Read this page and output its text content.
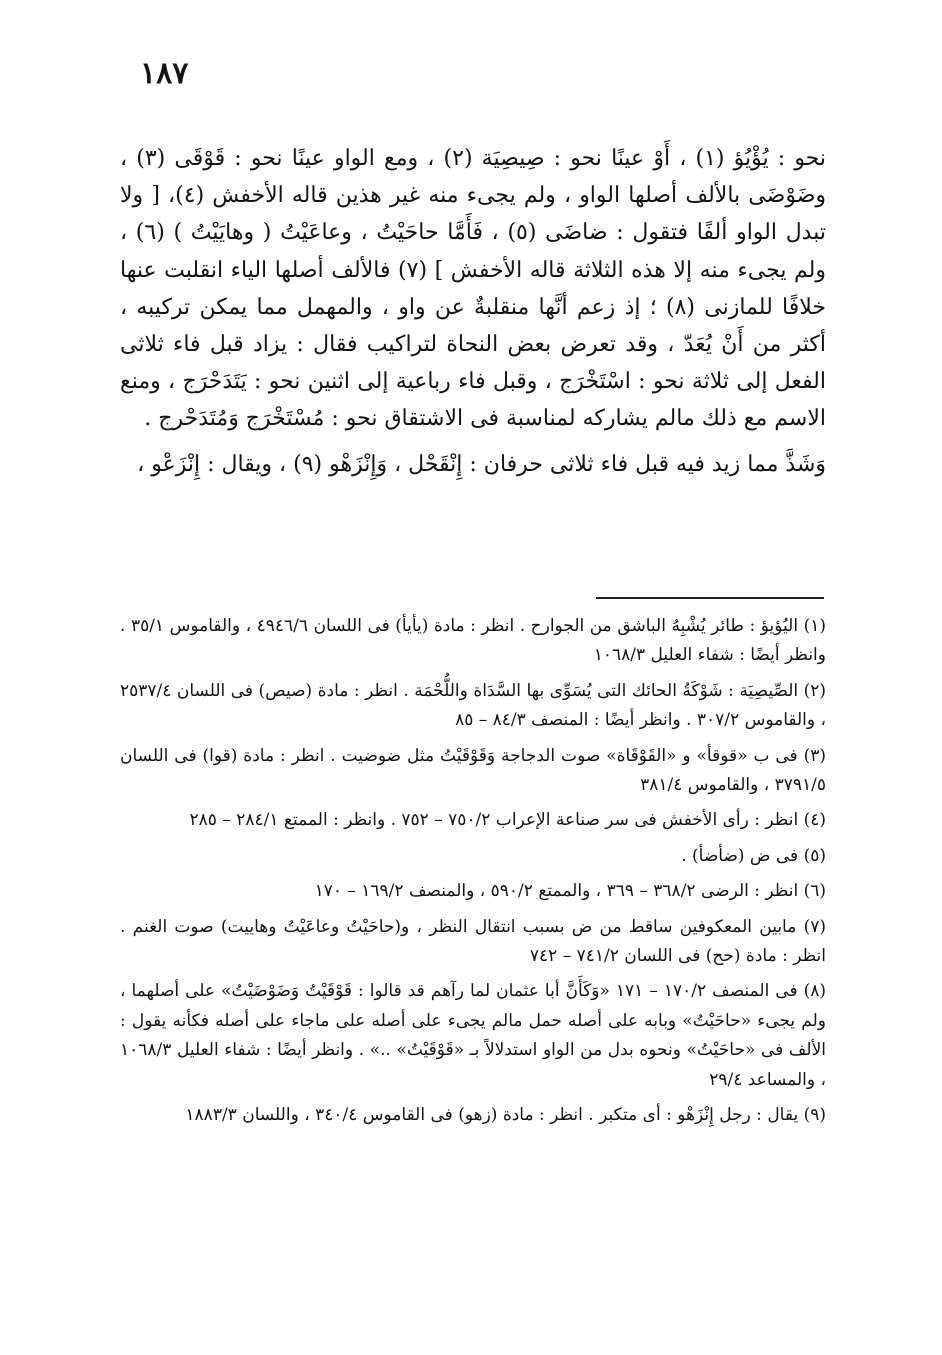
١٨٧

نحو : يُؤْيُؤ (١) ، أَوْ عينًا نحو : صِيصِيَة (٢) ، ومع الواو عينًا نحو : قَوْقَى (٣) ، وضَوْضَى بالألف أصلها الواو ، ولم يجىء منه غير هذين قاله الأخفش (٤)، [ ولا تبدل الواو ألفًا فتقول : ضاضَى (٥) ، فَأَمَّا حاحَيْتُ ، وعاعَيْتُ ( وهايَيْتُ ) (٦) ، ولم يجىء منه إلا هذه الثلاثة قاله الأخفش ] (٧) فالألف أصلها الياء انقلبت عنها خلافًا للمازنى (٨) ؛ إذ زعم أنَّها منقلبةٌ عن واو ، والمهمل مما يمكن تركيبه ، أكثر من أَنْ يُعَدّ ، وقد تعرض بعض النحاة لتراكيب فقال : يزاد قبل فاء ثلاثى الفعل إلى ثلاثة نحو : اسْتَخْرَج ، وقبل فاء رباعية إلى اثنين نحو : يَتَدَحْرَج ، ومنع الاسم مع ذلك مالم يشاركه لمناسبة فى الاشتقاق نحو : مُسْتَخْرَج وَمُتَدَحْرج .

وَشَذَّ مما زيد فيه قبل فاء ثلاثى حرفان : إِنْقَحْل ، وَإِنْزَهْو (٩) ، ويقال : إِنْزَعْو ،

(١) اليُؤيؤ : طائر يُشْبِهُ الباشق من الجوارح . انظر : مادة (يأيأ) فى اللسان ٤٩٤٦/٦ ، والقاموس ٣٥/١ . وانظر أيضًا : شفاء العليل ١٠٦٨/٣

(٢) الصِّيصِيَة : شَوْكَةُ الحائك التى يُسَوِّى بها السَّدَاة واللُّحْمَة . انظر : مادة (صيص) فى اللسان ٢٥٣٧/٤ ، والقاموس ٣٠٧/٢ . وانظر أيضًا : المنصف ٨٤/٣ – ٨٥

(٣) فى ب «قوقأ» و «القَوْقَاة» صوت الدجاجة وَقَوْقَيْتُ مثل ضوضيت . انظر : مادة (قوا) فى اللسان ٣٧٩١/٥ ، والقاموس ٣٨١/٤

(٤) انظر : رأى الأخفش فى سر صناعة الإعراب ٧٥٠/٢ – ٧٥٢ . وانظر : الممتع ٢٨٤/١ – ٢٨٥

(٥) فى ض (ضأضأ) .

(٦) انظر : الرضى ٣٦٨/٢ – ٣٦٩ ، والممتع ٥٩٠/٢ ، والمنصف ١٦٩/٢ – ١٧٠

(٧) مابين المعكوفين ساقط من ض بسبب انتقال النظر ، و(حاحَيْتُ وعاعَيْتُ وهاييت) صوت الغنم . انظر : مادة (حح) فى اللسان ٧٤١/٢ – ٧٤٢

(٨) فى المنصف ١٧٠/٢ – ١٧١ «وَكَأَنَّ أبا عثمان لما رآهم قد قالوا : قَوْقَيْتُ وَضَوْضَيْتُ» على أصلهما ، ولم يجىء «حاحَيْتُ» وبابه على أصله حمل مالم يجىء على أصله على ماجاء على أصله فكأنه يقول : الألف فى «حاحَيْتُ» ونحوه بدل من الواو استدلالاً بـ «قَوْقَيْتُ» ..» . وانظر أيضًا : شفاء العليل ١٠٦٨/٣ ، والمساعد ٢٩/٤

(٩) يقال : رجل إِنْزَهْو : أى متكبر . انظر : مادة (زهو) فى القاموس ٣٤٠/٤ ، واللسان ١٨٨٣/٣
